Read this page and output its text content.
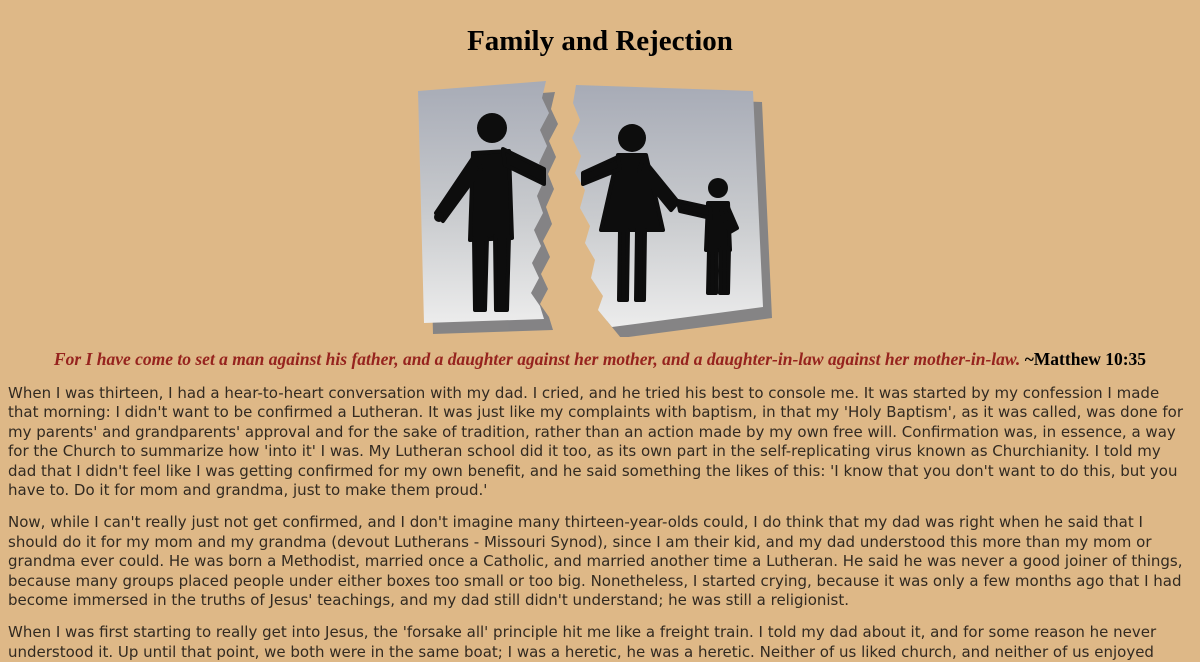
Family and Rejection

For I have come to set a man against his father, and a daughter against her mother, and a daughter-in-law against her mother-in-law. ~Matthew 10:35

When I was thirteen, I had a hear-to-heart conversation with my dad. I cried, and he tried his best to console me. It was started by my confession I made that morning: I didn't want to be confirmed a Lutheran. It was just like my complaints with baptism, in that my 'Holy Baptism', as it was called, was done for my parents' and grandparents' approval and for the sake of tradition, rather than an action made by my own free will. Confirmation was, in essence, a way for the Church to summarize how 'into it' I was. My Lutheran school did it too, as its own part in the self-replicating virus known as Churchianity. I told my dad that I didn't feel like I was getting confirmed for my own benefit, and he said something the likes of this: 'I know that you don't want to do this, but you have to. Do it for mom and grandma, just to make them proud.'

Now, while I can't really just not get confirmed, and I don't imagine many thirteen-year-olds could, I do think that my dad was right when he said that I should do it for my mom and my grandma (devout Lutherans - Missouri Synod), since I am their kid, and my dad understood this more than my mom or grandma ever could. He was born a Methodist, married once a Catholic, and married another time a Lutheran. He said he was never a good joiner of things, because many groups placed people under either boxes too small or too big. Nonetheless, I started crying, because it was only a few months ago that I had become immersed in the truths of Jesus' teachings, and my dad still didn't understand; he was still a religionist.

When I was first starting to really get into Jesus, the 'forsake all' principle hit me like a freight train. I told my dad about it, and for some reason he never understood it. Up until that point, we both were in the same boat; I was a heretic, he was a heretic. Neither of us liked church, and neither of us enjoyed
